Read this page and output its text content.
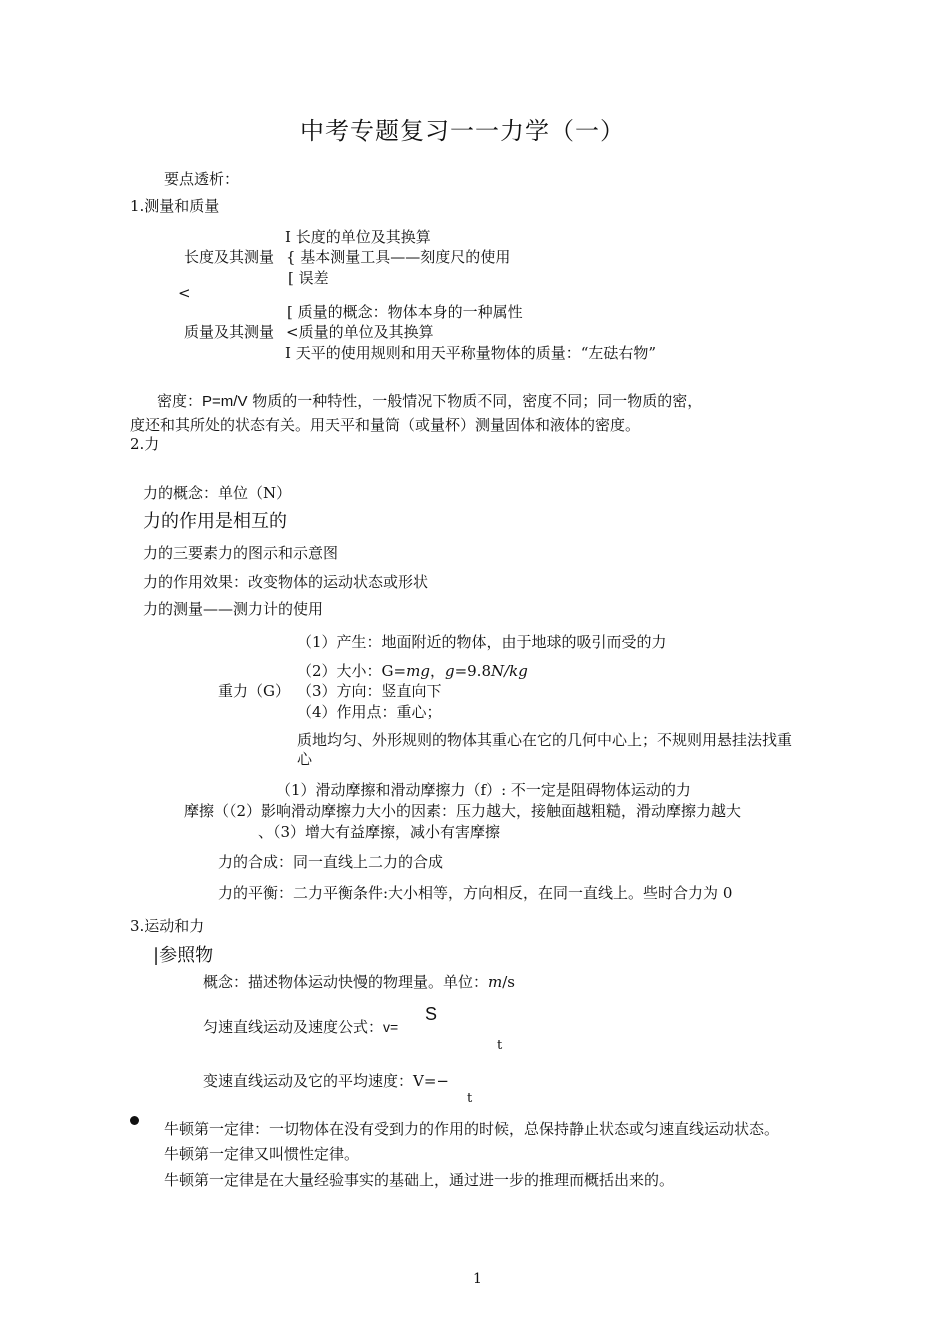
中考专题复习一一力学（一）
要点透析：
1.测量和质量
I 长度的单位及其换算
长度及其测量 { 基本测量工具——刻度尺的使用
[ 误差
<
[ 质量的概念：物体本身的一种属性
质量及其测量 <质量的单位及其换算
I 天平的使用规则和用天平称量物体的质量：“左砝右物”
密度：P=m/V 物质的一种特性，一般情况下物质不同，密度不同；同一物质的密，
度还和其所处的状态有关。用天平和量筒（或量杯）测量固体和液体的密度。
2.力
力的概念：单位（N）
力的作用是相互的
力的三要素力的图示和示意图
力的作用效果：改变物体的运动状态或形状
力的测量——测力计的使用
（1）产生：地面附近的物体，由于地球的吸引而受的力
（2）大小：G=mg，g=9.8N/kg
重力（G） （3）方向：竖直向下
（4）作用点：重心；
质地均匀、外形规则的物体其重心在它的几何中心上；不规则用悬挂法找重
心
（1）滑动摩擦和滑动摩擦力（f）: 不一定是阻碍物体运动的力
摩擦（（2）影响滑动摩擦力大小的因素：压力越大，接触面越粗糙，滑动摩擦力越大
、（3）增大有益摩擦，减小有害摩擦
力的合成：同一直线上二力的合成
力的平衡：二力平衡条件:大小相等，方向相反，在同一直线上。些时合力为 0
3.运动和力
|参照物
概念：描述物体运动快慢的物理量。单位：m/s
匀速直线运动及速度公式：v=
S
t
变速直线运动及它的平均速度：V=−
t
牛顿第一定律：一切物体在没有受到力的作用的时候，总保持静止状态或匀速直线运动状态。
牛顿第一定律又叫惯性定律。
牛顿第一定律是在大量经验事实的基础上，通过进一步的推理而概括出来的。
1
